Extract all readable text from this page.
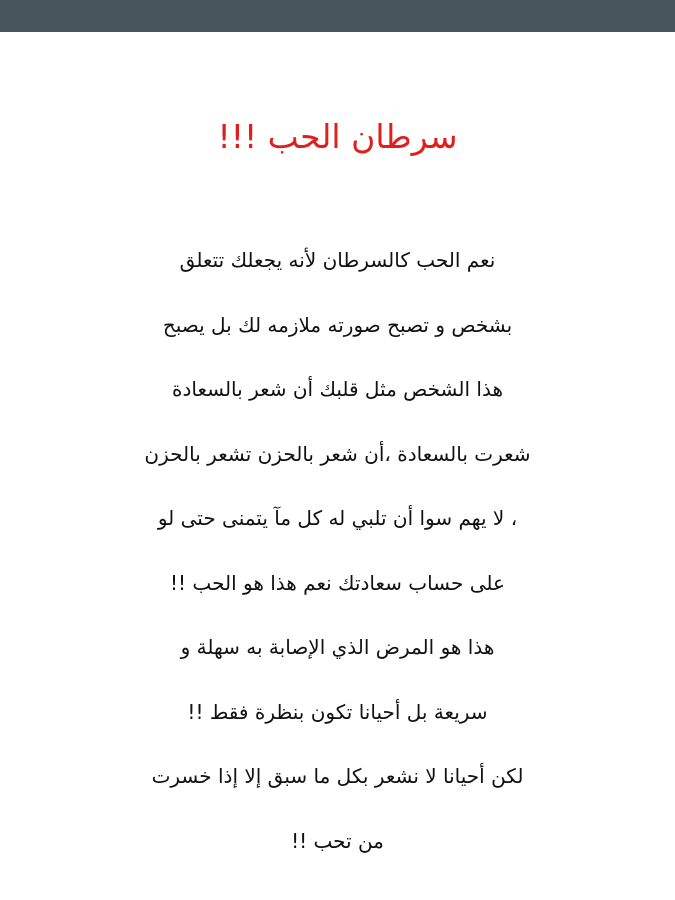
سرطان الحب !!!
نعم الحب كالسرطان لأنه يجعلك تتعلق
بشخص و تصبح صورته ملازمه لك بل يصبح
هذا الشخص مثل قلبك أن شعر بالسعادة
شعرت بالسعادة ،أن شعر بالحزن تشعر بالحزن
، لا يهم سوا أن تلبي له كل مآ يتمنى حتى لو
على حساب سعادتك نعم هذا هو الحب !!
هذا هو المرض الذي الإصابة به سهلة و
سريعة بل أحيانا تكون بنظرة فقط !!
لكن أحيانا لا نشعر بكل ما سبق إلا إذا خسرت
من تحب !!
